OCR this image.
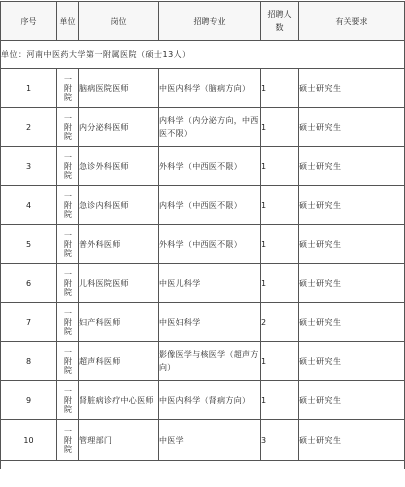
序号	单位	岗位	招聘专业	招聘人数	有关要求
单位：河南中医药大学第一附属医院（硕士13人）					
1	一附院	脑病医院医师	中医内科学（脑病方向）	1	硕士研究生
2	一附院	内分泌科医师	内科学（内分泌方向，中西医不限）	1	硕士研究生
3	一附院	急诊外科医师	外科学（中西医不限）	1	硕士研究生
4	一附院	急诊内科医师	内科学（中西医不限）	1	硕士研究生
5	一附院	普外科医师	外科学（中西医不限）	1	硕士研究生
6	一附院	儿科医院医师	中医儿科学	1	硕士研究生
7	一附院	妇产科医师	中医妇科学	2	硕士研究生
8	一附院	超声科医师	影像医学与核医学（超声方向）	1	硕士研究生
9	一附院	肾脏病诊疗中心医师	中医内科学（肾病方向）	1	硕士研究生
10	一附院	管理部门	中医学	3	硕士研究生
